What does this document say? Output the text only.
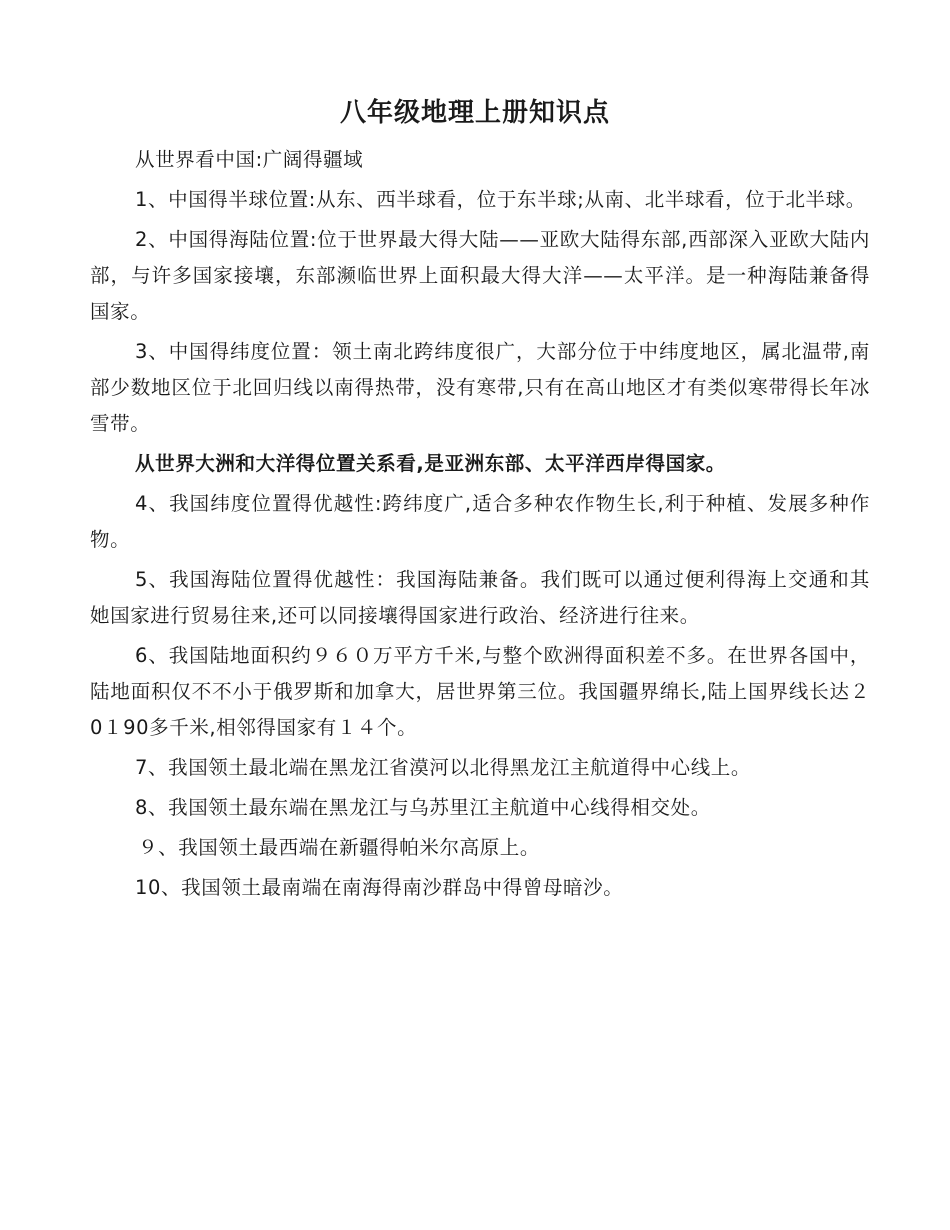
八年级地理上册知识点

从世界看中国:广阔得疆域

1、中国得半球位置:从东、西半球看，位于东半球;从南、北半球看，位于北半球。

2、中国得海陆位置:位于世界最大得大陆——亚欧大陆得东部,西部深入亚欧大陆内部，与许多国家接壤，东部濒临世界上面积最大得大洋——太平洋。是一种海陆兼备得国家。

3、中国得纬度位置：领土南北跨纬度很广，大部分位于中纬度地区，属北温带,南部少数地区位于北回归线以南得热带，没有寒带,只有在高山地区才有类似寒带得长年冰雪带。

从世界大洲和大洋得位置关系看,是亚洲东部、太平洋西岸得国家。

4、我国纬度位置得优越性:跨纬度广,适合多种农作物生长,利于种植、发展多种作物。

5、我国海陆位置得优越性：我国海陆兼备。我们既可以通过便利得海上交通和其她国家进行贸易往来,还可以同接壤得国家进行政治、经济进行往来。

6、我国陆地面积约９６０万平方千米,与整个欧洲得面积差不多。在世界各国中，陆地面积仅不不小于俄罗斯和加拿大，居世界第三位。我国疆界绵长,陆上国界线长达２0１90多千米,相邻得国家有１４个。

7、我国领土最北端在黑龙江省漠河以北得黑龙江主航道得中心线上。

8、我国领土最东端在黑龙江与乌苏里江主航道中心线得相交处。

９、我国领土最西端在新疆得帕米尔高原上。

10、我国领土最南端在南海得南沙群岛中得曾母暗沙。
